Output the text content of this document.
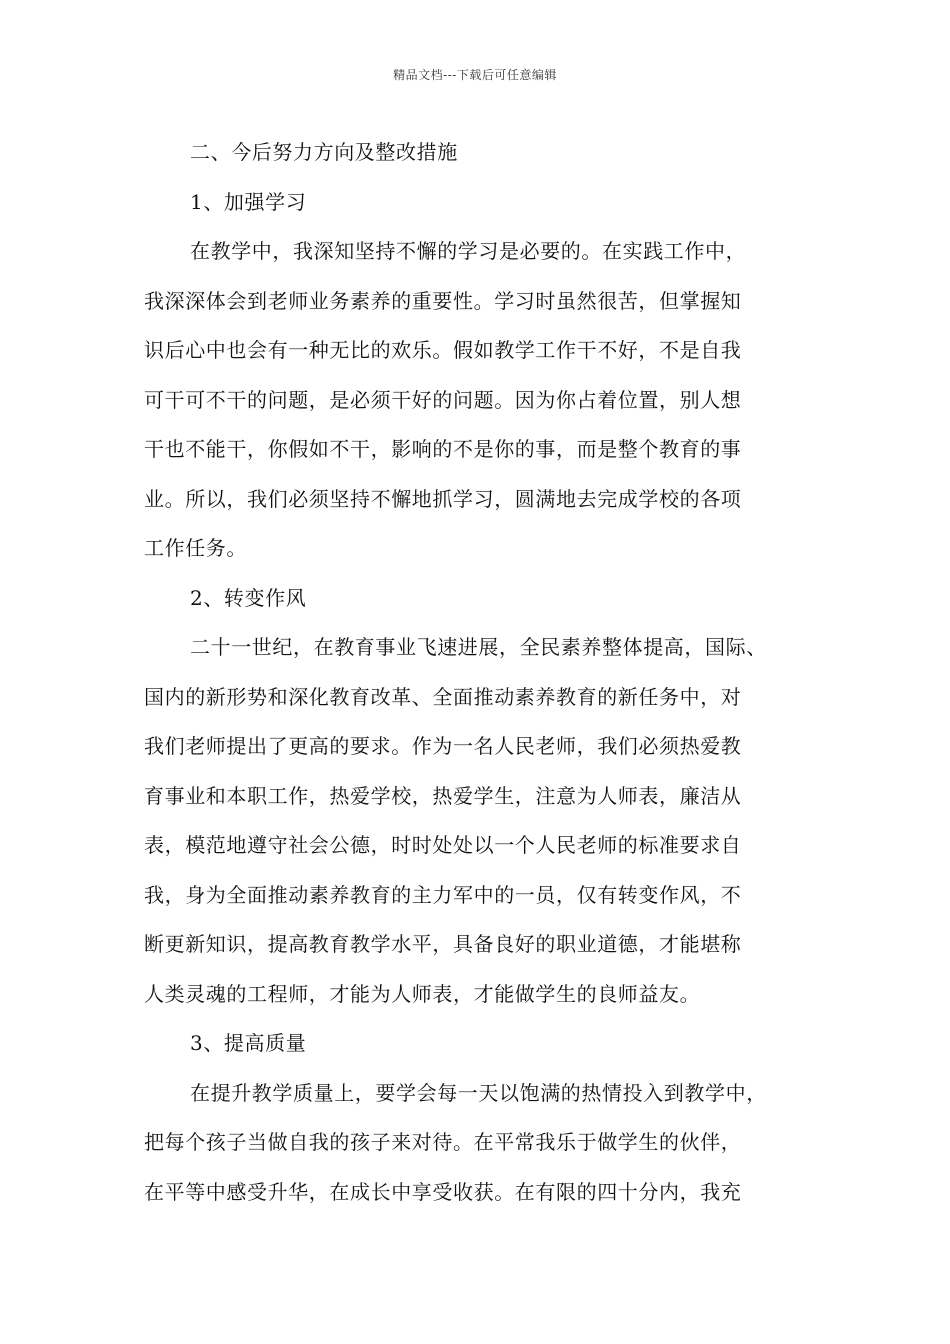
精品文档---下载后可任意编辑
二、今后努力方向及整改措施
1、加强学习
在教学中，我深知坚持不懈的学习是必要的。在实践工作中，
我深深体会到老师业务素养的重要性。学习时虽然很苦，但掌握知
识后心中也会有一种无比的欢乐。假如教学工作干不好，不是自我
可干可不干的问题，是必须干好的问题。因为你占着位置，别人想
干也不能干，你假如不干，影响的不是你的事，而是整个教育的事
业。所以，我们必须坚持不懈地抓学习，圆满地去完成学校的各项
工作任务。
2、转变作风
二十一世纪，在教育事业飞速进展，全民素养整体提高，国际、
国内的新形势和深化教育改革、全面推动素养教育的新任务中，对
我们老师提出了更高的要求。作为一名人民老师，我们必须热爱教
育事业和本职工作，热爱学校，热爱学生，注意为人师表，廉洁从
表，模范地遵守社会公德，时时处处以一个人民老师的标准要求自
我，身为全面推动素养教育的主力军中的一员，仅有转变作风，不
断更新知识，提高教育教学水平，具备良好的职业道德，才能堪称
人类灵魂的工程师，才能为人师表，才能做学生的良师益友。
3、提高质量
在提升教学质量上，要学会每一天以饱满的热情投入到教学中，
把每个孩子当做自我的孩子来对待。在平常我乐于做学生的伙伴，
在平等中感受升华，在成长中享受收获。在有限的四十分内，我充
